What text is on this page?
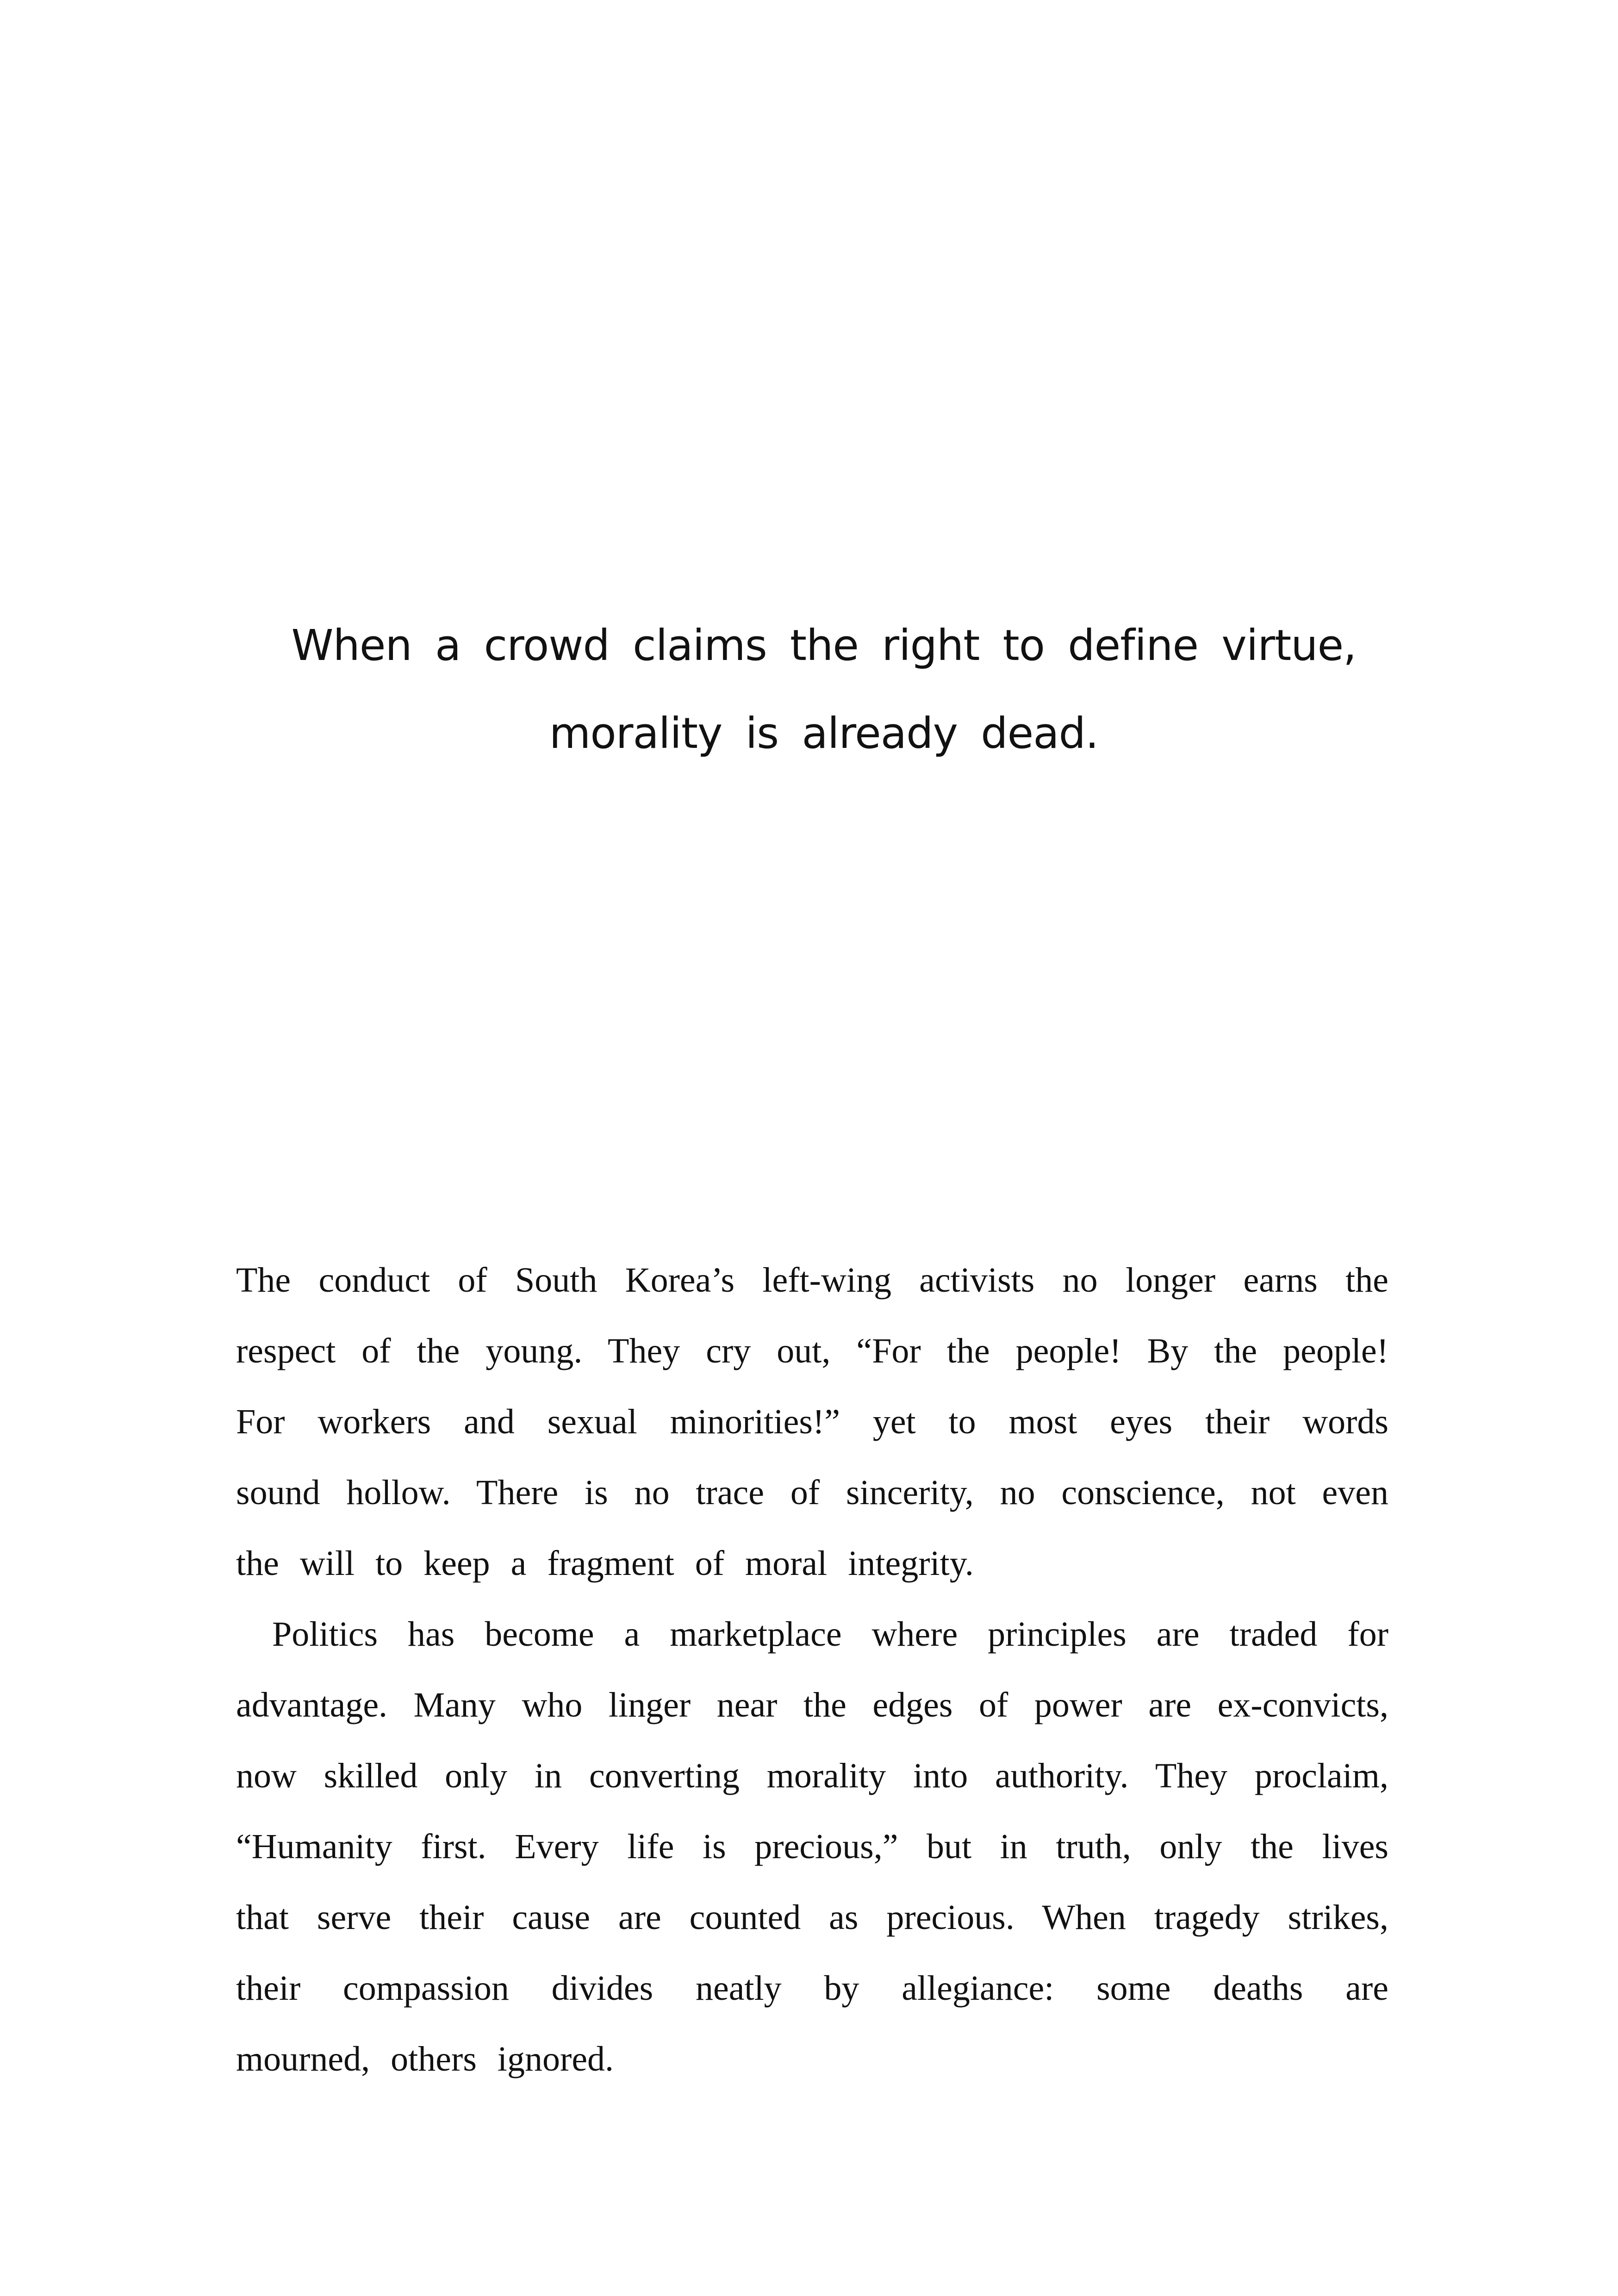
When a crowd claims the right to define virtue,
morality is already dead.
The conduct of South Korea’s left-wing activists no longer earns the
respect of the young. They cry out, “For the people! By the people!
For workers and sexual minorities!” yet to most eyes their words
sound hollow. There is no trace of sincerity, no conscience, not even
the will to keep a fragment of moral integrity.
Politics has become a marketplace where principles are traded for
advantage. Many who linger near the edges of power are ex-convicts,
now skilled only in converting morality into authority. They proclaim,
“Humanity first. Every life is precious,” but in truth, only the lives
that serve their cause are counted as precious. When tragedy strikes,
their compassion divides neatly by allegiance: some deaths are
mourned, others ignored.
